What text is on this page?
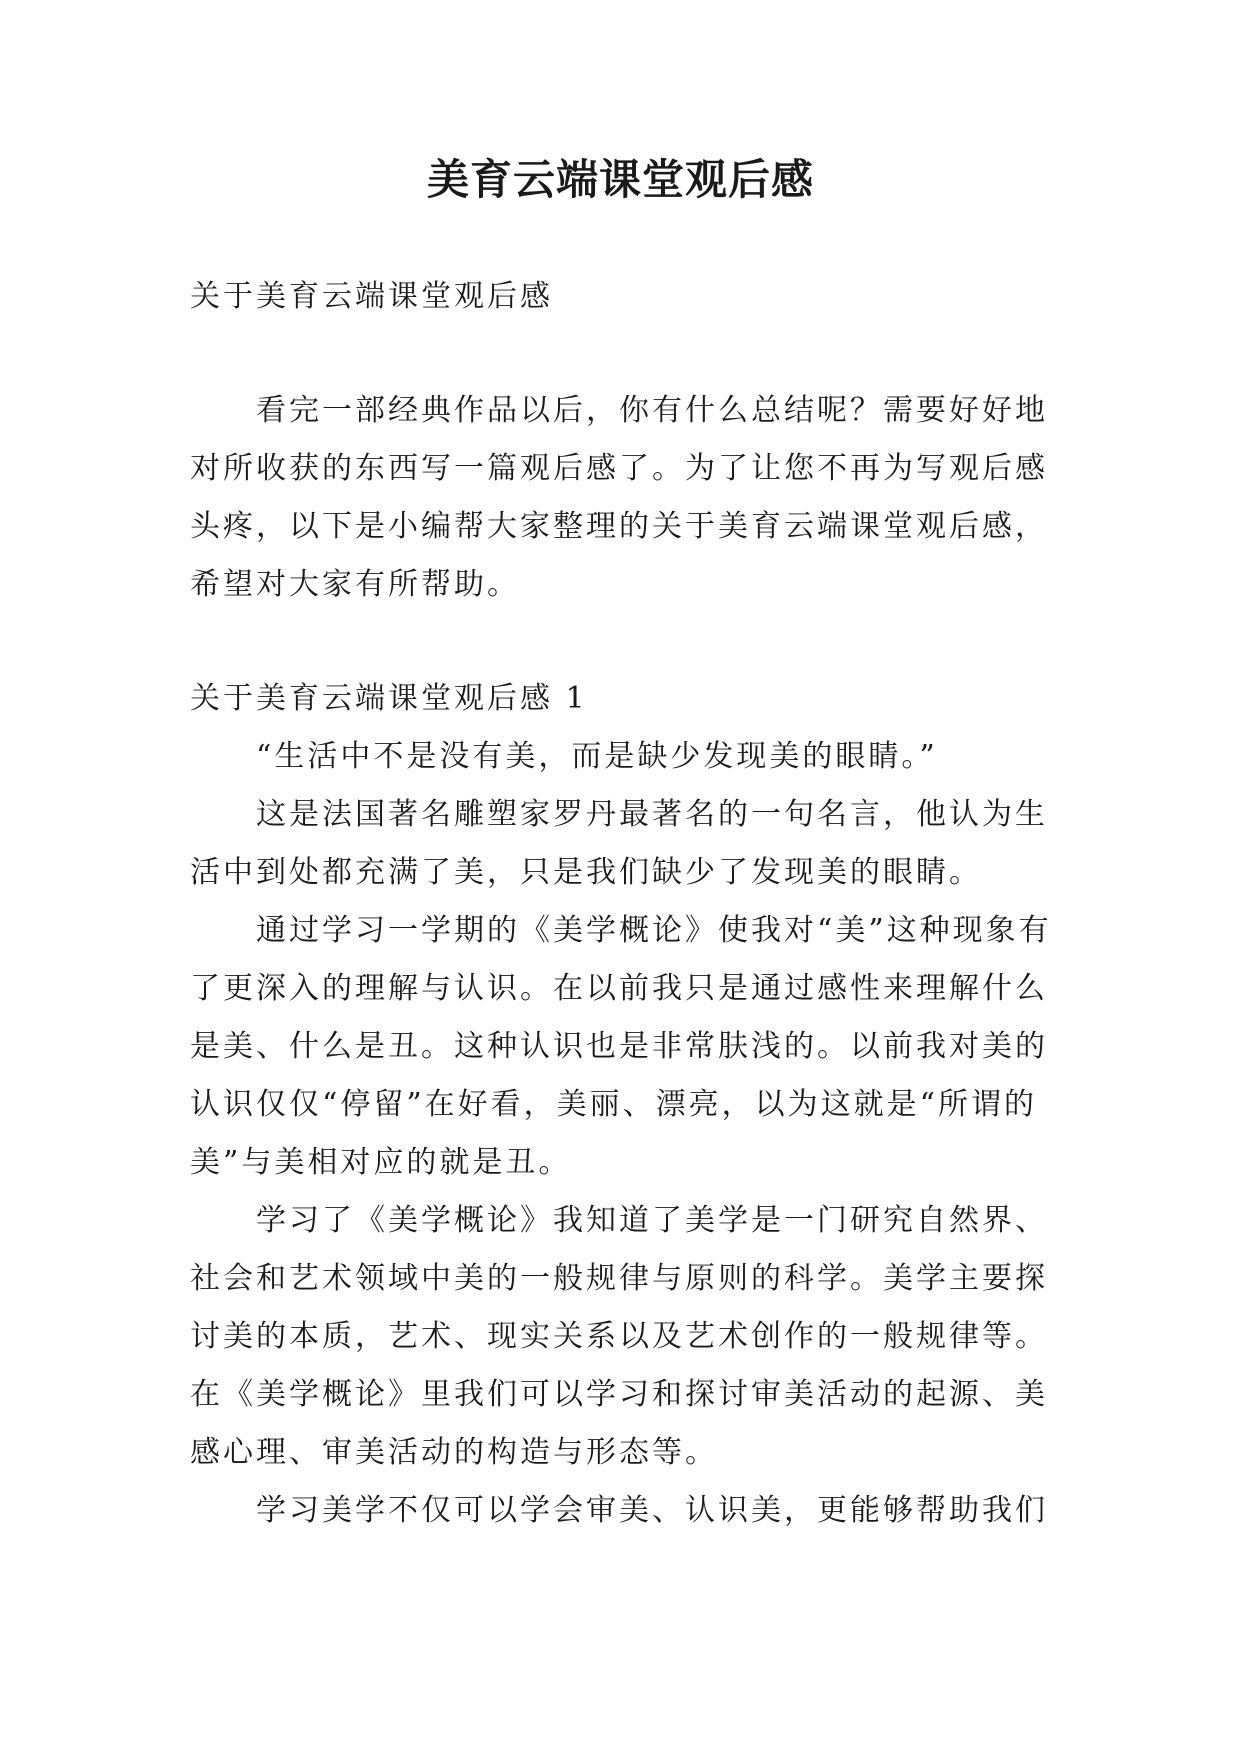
美育云端课堂观后感

关于美育云端课堂观后感

看完一部经典作品以后，你有什么总结呢？需要好好地对所收获的东西写一篇观后感了。为了让您不再为写观后感头疼，以下是小编帮大家整理的关于美育云端课堂观后感，希望对大家有所帮助。

关于美育云端课堂观后感 1

“生活中不是没有美，而是缺少发现美的眼睛。”

这是法国著名雕塑家罗丹最著名的一句名言，他认为生活中到处都充满了美，只是我们缺少了发现美的眼睛。

通过学习一学期的《美学概论》使我对“美”这种现象有了更深入的理解与认识。在以前我只是通过感性来理解什么是美、什么是丑。这种认识也是非常肤浅的。以前我对美的认识仅仅“停留”在好看，美丽、漂亮，以为这就是“所谓的美”与美相对应的就是丑。

学习了《美学概论》我知道了美学是一门研究自然界、社会和艺术领域中美的一般规律与原则的科学。美学主要探讨美的本质，艺术、现实关系以及艺术创作的一般规律等。在《美学概论》里我们可以学习和探讨审美活动的起源、美感心理、审美活动的构造与形态等。

学习美学不仅可以学会审美、认识美，更能够帮助我们
